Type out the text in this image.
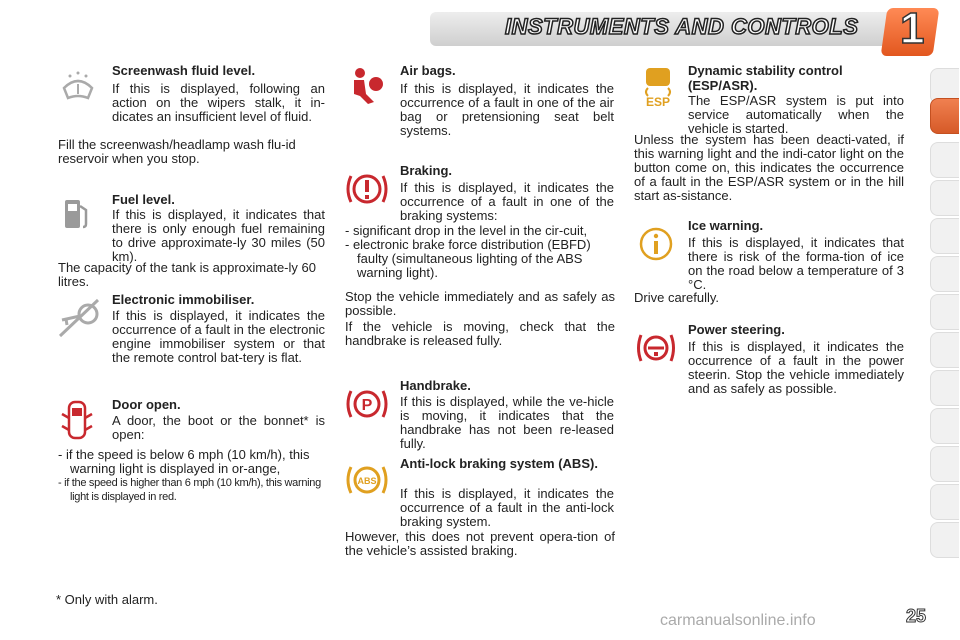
INSTRUMENTS AND CONTROLS 1
Screenwash fluid level.
If this is displayed, following an action on the wipers stalk, it in-dicates an insufficient level of fluid.
Fill the screenwash/headlamp wash flu-id reservoir when you stop.
Fuel level.
If this is displayed, it indicates that there is only enough fuel remaining to drive approximate-ly 30 miles (50 km).
The capacity of the tank is approximate-ly 60 litres.
Electronic immobiliser.
If this is displayed, it indicates the occurrence of a fault in the electronic engine immobiliser system or that the remote control bat-tery is flat.
Door open.
A door, the boot or the bonnet* is open:
- if the speed is below 6 mph (10 km/h), this warning light is displayed in or-ange,
- if the speed is higher than 6 mph (10 km/h), this warning light is displayed in red.
* Only with alarm.
Air bags.
If this is displayed, it indicates the occurrence of a fault in one of the air bag or pretensioning seat belt systems.
Braking.
If this is displayed, it indicates the occurrence of a fault in one of the braking systems:
- significant drop in the level in the cir-cuit,
- electronic brake force distribution (EBFD) faulty (simultaneous lighting of the ABS warning light).
Stop the vehicle immediately and as safely as possible.
If the vehicle is moving, check that the handbrake is released fully.
P
Handbrake.
If this is displayed, while the ve-hicle is moving, it indicates that the handbrake has not been re-leased fully.
ABS
Anti-lock braking system (ABS).
If this is displayed, it indicates the occurrence of a fault in the anti-lock braking system.
However, this does not prevent opera-tion of the vehicle’s assisted braking.
ESP
Dynamic stability control (ESP/ASR).
The ESP/ASR system is put into service automatically when the vehicle is started.
Unless the system has been deacti-vated, if this warning light and the indi-cator light on the button come on, this indicates the occurrence of a fault in the ESP/ASR system or in the hill start as-sistance.
Ice warning.
If this is displayed, it indicates that there is risk of the forma-tion of ice on the road below a temperature of 3 °C.
Drive carefully.
Power steering.
If this is displayed, it indicates the occurrence of a fault in the power steerin. Stop the vehicle immediately and as safely as possible.
carmanualsonline.info	25
